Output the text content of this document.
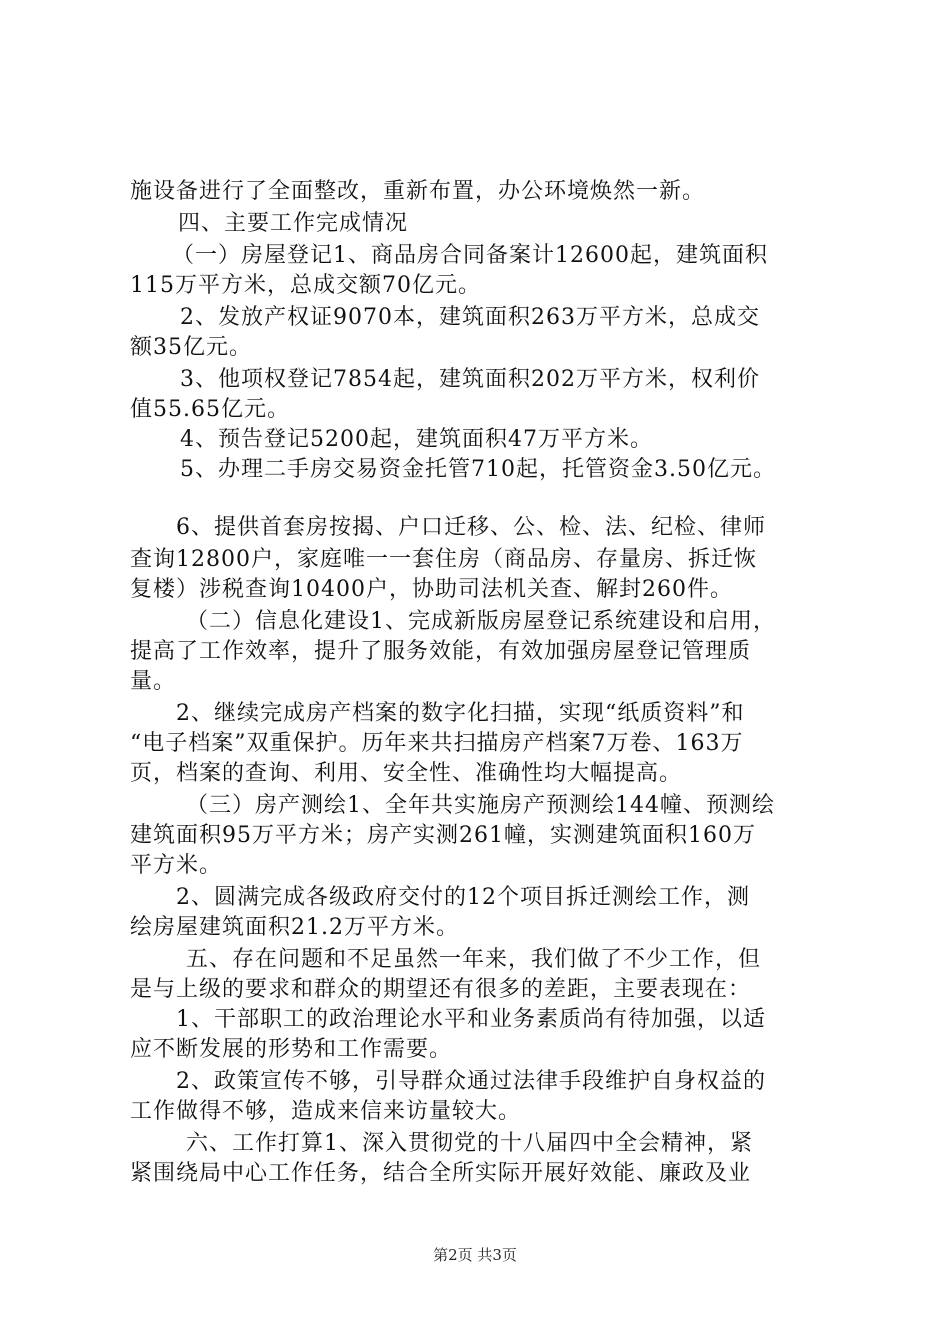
施设备进行了全面整改，重新布置，办公环境焕然一新。
四、主要工作完成情况
（一）房屋登记1、商品房合同备案计12600起，建筑面积
115万平方米，总成交额70亿元。
2、发放产权证9070本，建筑面积263万平方米，总成交
额35亿元。
3、他项权登记7854起，建筑面积202万平方米，权利价
值55.65亿元。
4、预告登记5200起，建筑面积47万平方米。
5、办理二手房交易资金托管710起，托管资金3.50亿元。
6、提供首套房按揭、户口迁移、公、检、法、纪检、律师
查询12800户，家庭唯一一套住房（商品房、存量房、拆迁恢
复楼）涉税查询10400户，协助司法机关查、解封260件。
（二）信息化建设1、完成新版房屋登记系统建设和启用，
提高了工作效率，提升了服务效能，有效加强房屋登记管理质
量。
2、继续完成房产档案的数字化扫描，实现“纸质资料”和
“电子档案”双重保护。历年来共扫描房产档案7万卷、163万
页，档案的查询、利用、安全性、准确性均大幅提高。
（三）房产测绘1、全年共实施房产预测绘144幢、预测绘
建筑面积95万平方米；房产实测261幢，实测建筑面积160万
平方米。
2、圆满完成各级政府交付的12个项目拆迁测绘工作，测
绘房屋建筑面积21.2万平方米。
五、存在问题和不足虽然一年来，我们做了不少工作，但
是与上级的要求和群众的期望还有很多的差距，主要表现在：
1、干部职工的政治理论水平和业务素质尚有待加强，以适
应不断发展的形势和工作需要。
2、政策宣传不够，引导群众通过法律手段维护自身权益的
工作做得不够，造成来信来访量较大。
六、工作打算1、深入贯彻党的十八届四中全会精神，紧
紧围绕局中心工作任务，结合全所实际开展好效能、廉政及业
第2页 共3页
